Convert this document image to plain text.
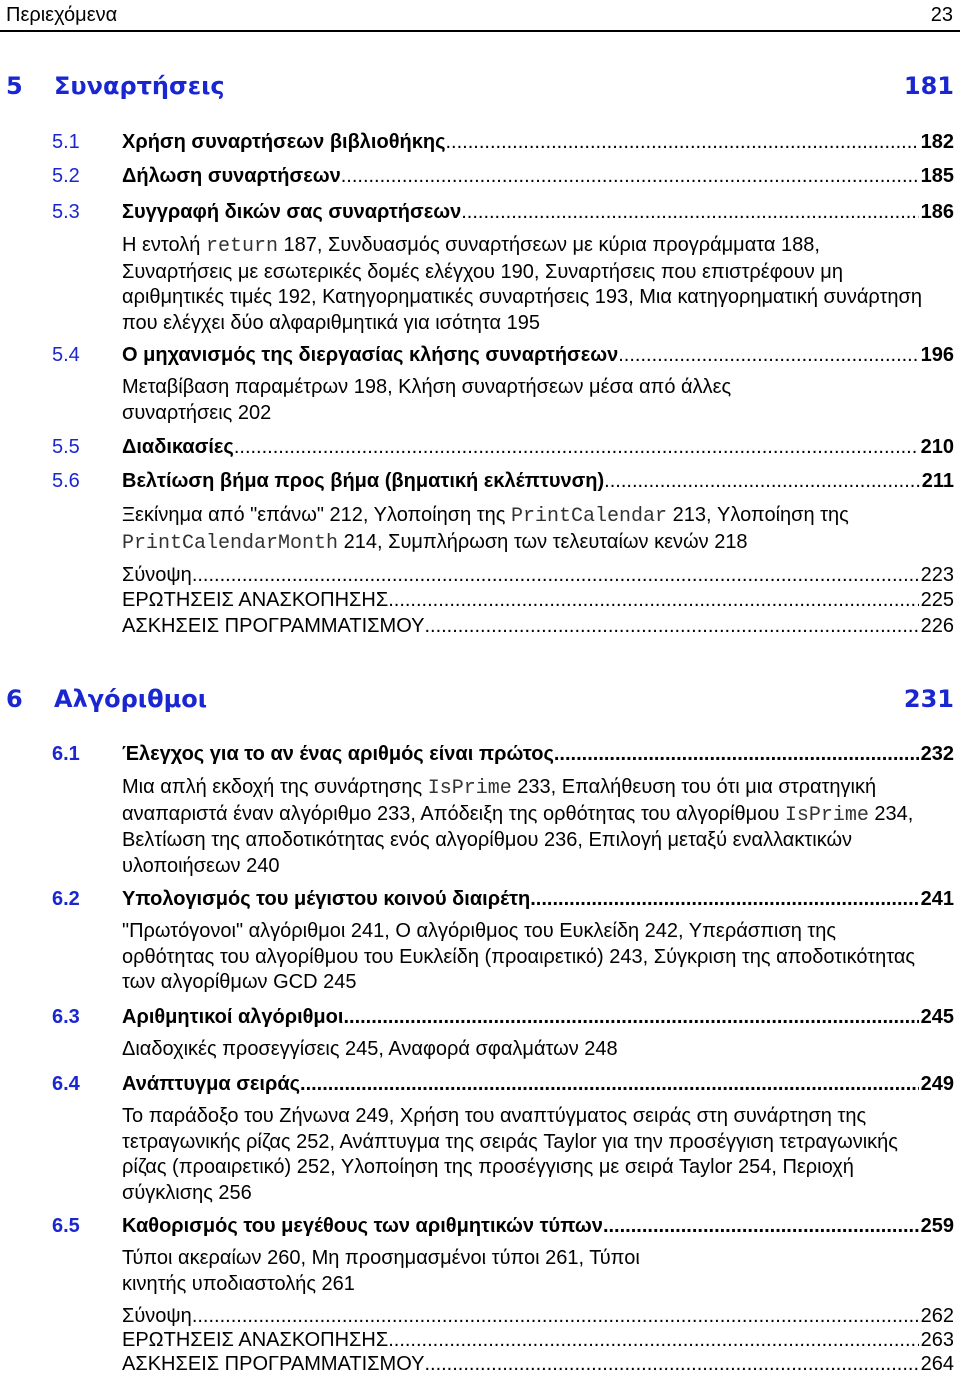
Περιεχόμενα	23
5 Συναρτήσεις	181
5.1	Χρήση συναρτήσεων βιβλιοθήκης .....	182
5.2	Δήλωση συναρτήσεων .....	185
5.3	Συγγραφή δικών σας συναρτήσεων .....	186
Η εντολή return 187, Συνδυασμός συναρτήσεων με κύρια προγράμματα 188, Συναρτήσεις με εσωτερικές δομές ελέγχου 190, Συναρτήσεις που επιστρέφουν μη αριθμητικές τιμές 192, Κατηγορηματικές συναρτήσεις 193, Μια κατηγορηματική συνάρτηση που ελέγχει δύο αλφαριθμητικά για ισότητα 195
5.4	Ο μηχανισμός της διεργασίας κλήσης συναρτήσεων .....	196
Μεταβίβαση παραμέτρων 198, Κλήση συναρτήσεων μέσα από άλλες συναρτήσεις 202
5.5	Διαδικασίες .....	210
5.6	Βελτίωση βήμα προς βήμα (βηματική εκλέπτυνση) .....	211
Ξεκίνημα από "επάνω" 212, Υλοποίηση της PrintCalendar 213, Υλοποίηση της PrintCalendarMonth 214, Συμπλήρωση των τελευταίων κενών 218
Σύνοψη .....	223
ΕΡΩΤΗΣΕΙΣ ΑΝΑΣΚΟΠΗΣΗΣ .....	225
ΑΣΚΗΣΕΙΣ ΠΡΟΓΡΑΜΜΑΤΙΣΜΟΥ .....	226
6 Αλγόριθμοι	231
6.1	Έλεγχος για το αν ένας αριθμός είναι πρώτος .....	232
Μια απλή εκδοχή της συνάρτησης IsPrime 233, Επαλήθευση του ότι μια στρατηγική αναπαριστά έναν αλγόριθμο 233, Απόδειξη της ορθότητας του αλγορίθμου IsPrime 234, Βελτίωση της αποδοτικότητας ενός αλγορίθμου 236, Επιλογή μεταξύ εναλλακτικών υλοποιήσεων 240
6.2	Υπολογισμός του μέγιστου κοινού διαιρέτη .....	241
"Πρωτόγονοι" αλγόριθμοι 241, Ο αλγόριθμος του Ευκλείδη 242, Υπεράσπιση της ορθότητας του αλγορίθμου του Ευκλείδη (προαιρετικό) 243, Σύγκριση της αποδοτικότητας των αλγορίθμων GCD 245
6.3	Αριθμητικοί αλγόριθμοι .....	245
Διαδοχικές προσεγγίσεις 245, Αναφορά σφαλμάτων 248
6.4	Ανάπτυγμα σειράς .....	249
Το παράδοξο του Ζήνωνα 249, Χρήση του αναπτύγματος σειράς στη συνάρτηση της τετραγωνικής ρίζας 252, Ανάπτυγμα της σειράς Taylor για την προσέγγιση τετραγωνικής ρίζας (προαιρετικό) 252, Υλοποίηση της προσέγγισης με σειρά Taylor 254, Περιοχή σύγκλισης 256
6.5	Καθορισμός του μεγέθους των αριθμητικών τύπων .....	259
Τύποι ακεραίων 260, Μη προσημασμένοι τύποι 261, Τύποι κινητής υποδιαστολής 261
Σύνοψη .....	262
ΕΡΩΤΗΣΕΙΣ ΑΝΑΣΚΟΠΗΣΗΣ .....	263
ΑΣΚΗΣΕΙΣ ΠΡΟΓΡΑΜΜΑΤΙΣΜΟΥ .....	264
